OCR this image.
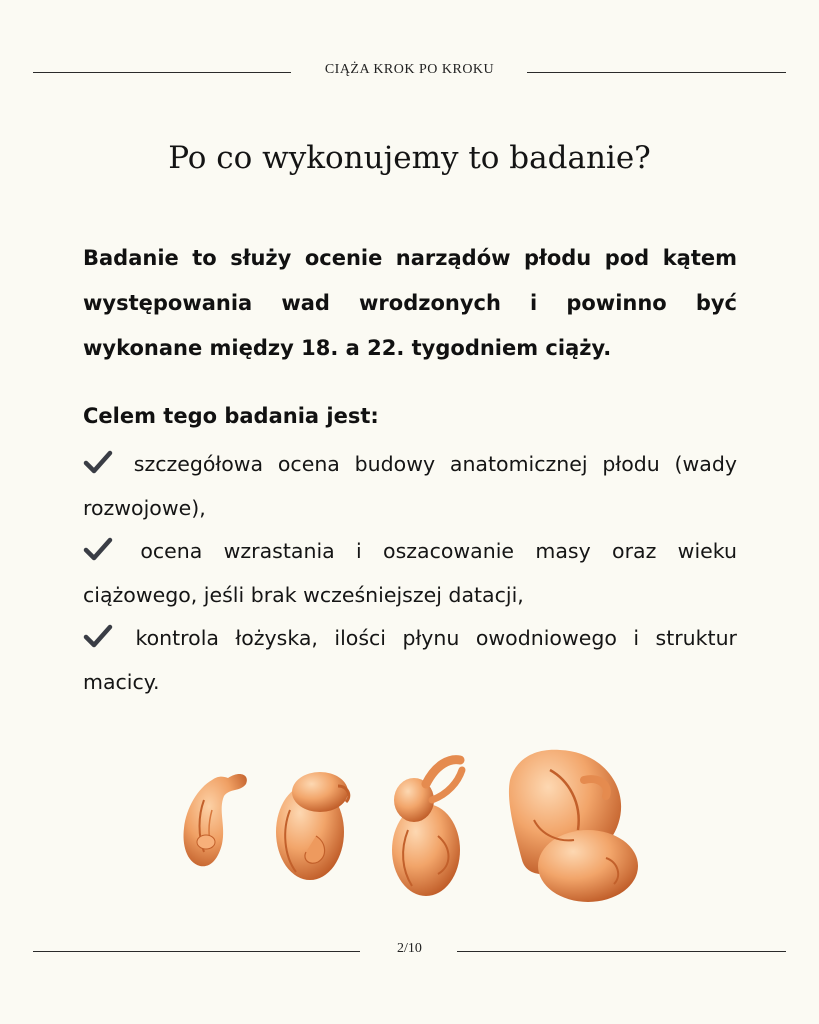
CIĄŻA KROK PO KROKU
Po co wykonujemy to badanie?

Badanie to służy ocenie narządów płodu pod kątem występowania wad wrodzonych i powinno być wykonane między 18. a 22. tygodniem ciąży.

Celem tego badania jest:
szczegółowa ocena budowy anatomicznej płodu (wady rozwojowe),
ocena wzrastania i oszacowanie masy oraz wieku ciążowego, jeśli brak wcześniejszej datacji,
kontrola łożyska, ilości płynu owodniowego i struktur macicy.
2/10
